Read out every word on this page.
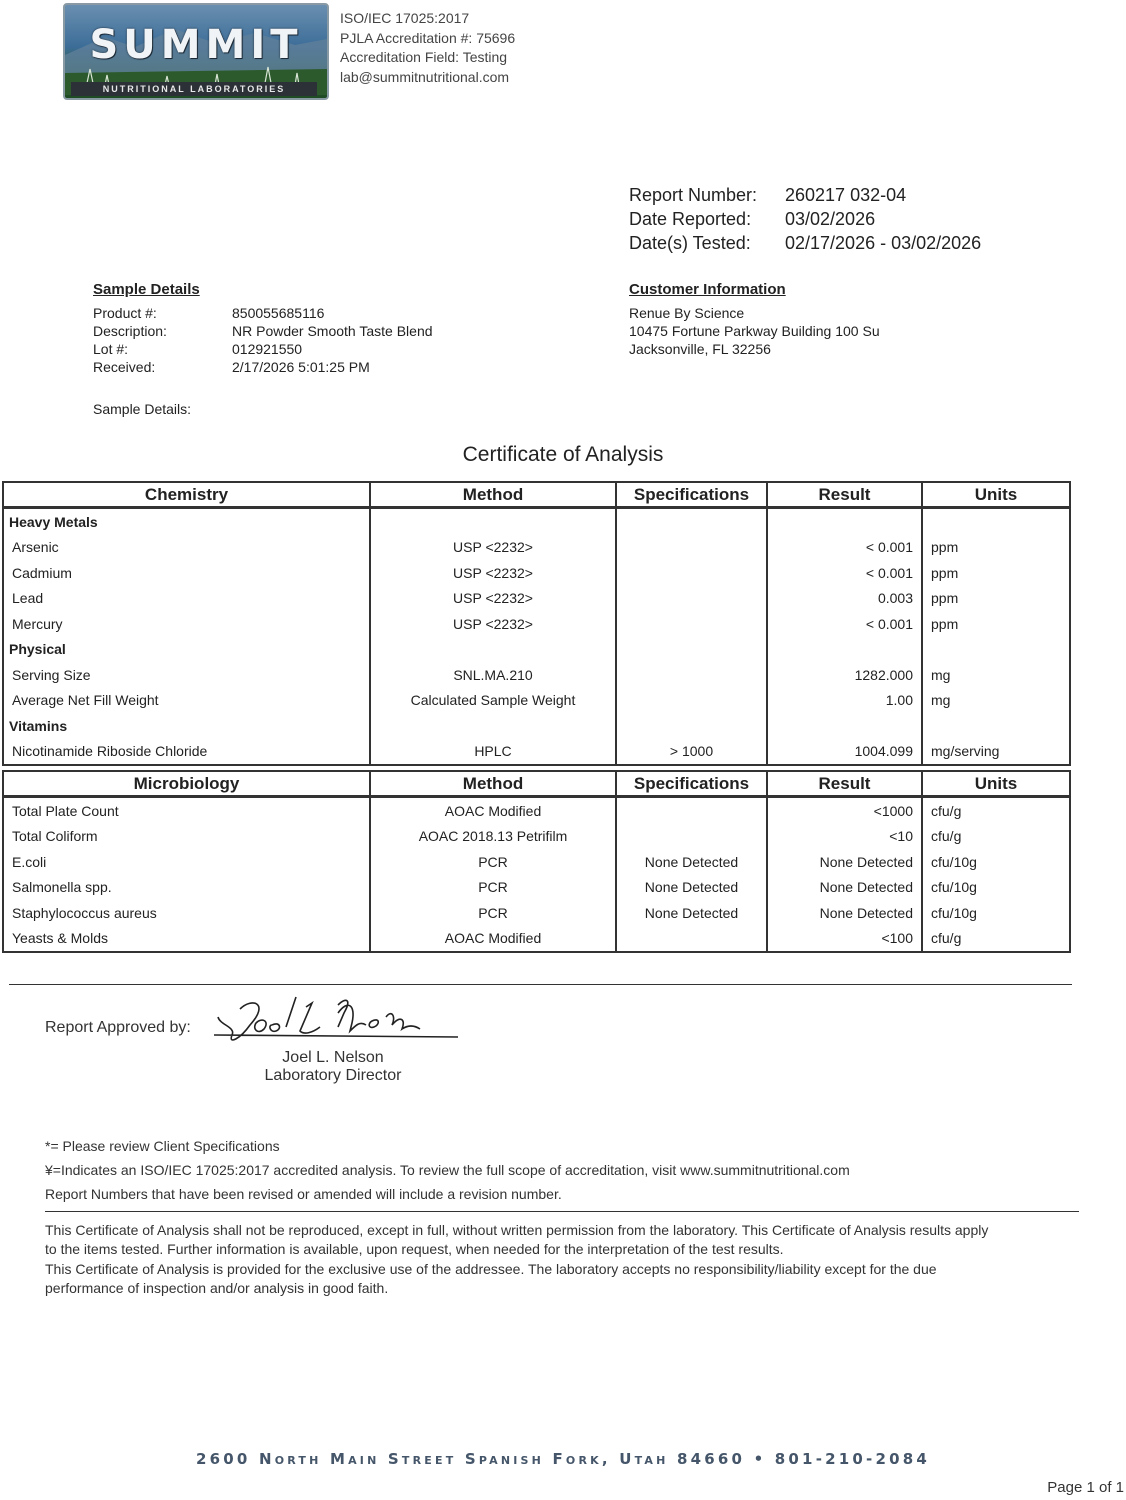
SUMMIT
NUTRITIONAL LABORATORIES
ISO/IEC 17025:2017
PJLA Accreditation #: 75696
Accreditation Field: Testing
lab@summitnutritional.com
Report Number: 260217 032-04
Date Reported: 03/02/2026
Date(s) Tested: 02/17/2026 - 03/02/2026
Sample Details
Product #:	850055685116
Description:	NR Powder Smooth Taste Blend
Lot #:	012921550
Received:	2/17/2026 5:01:25 PM
Sample Details:
Customer Information
Renue By Science
10475 Fortune Parkway Building 100 Su
Jacksonville, FL 32256
Certificate of Analysis
Chemistry	Method	Specifications	Result	Units
Heavy Metals				
Arsenic	USP <2232>		< 0.001	ppm
Cadmium	USP <2232>		< 0.001	ppm
Lead	USP <2232>		0.003	ppm
Mercury	USP <2232>		< 0.001	ppm
Physical				
Serving Size	SNL.MA.210		1282.000	mg
Average Net Fill Weight	Calculated Sample Weight		1.00	mg
Vitamins				
Nicotinamide Riboside Chloride	HPLC	> 1000	1004.099	mg/serving
Microbiology	Method	Specifications	Result	Units
Total Plate Count	AOAC Modified		<1000	cfu/g
Total Coliform	AOAC 2018.13 Petrifilm		<10	cfu/g
E.coli	PCR	None Detected	None Detected	cfu/10g
Salmonella spp.	PCR	None Detected	None Detected	cfu/10g
Staphylococcus aureus	PCR	None Detected	None Detected	cfu/10g
Yeasts & Molds	AOAC Modified		<100	cfu/g
Report Approved by:
Joel L Nelson
Joel L. Nelson
Laboratory Director
*= Please review Client Specifications
¥=Indicates an ISO/IEC 17025:2017 accredited analysis. To review the full scope of accreditation, visit www.summitnutritional.com
Report Numbers that have been revised or amended will include a revision number.
This Certificate of Analysis shall not be reproduced, except in full, without written permission from the laboratory. This Certificate of Analysis results apply
to the items tested. Further information is available, upon request, when needed for the interpretation of the test results.
This Certificate of Analysis is provided for the exclusive use of the addressee. The laboratory accepts no responsibility/liability except for the due
performance of inspection and/or analysis in good faith.
2600 North Main Street Spanish Fork, Utah 84660 • 801-210-2084
Page 1 of 1
